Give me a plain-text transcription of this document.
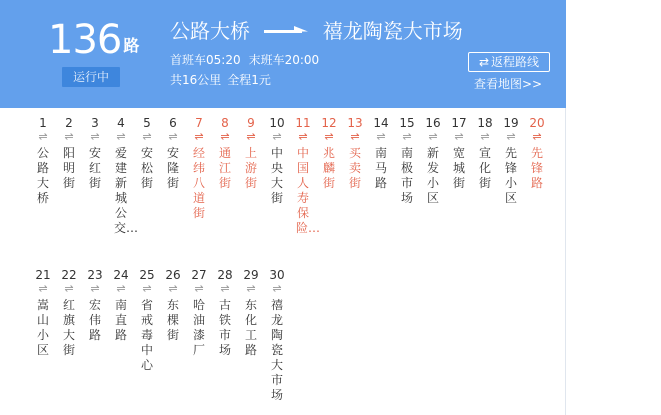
136 路
运行中
公路大桥	禧龙陶瓷大市场
首班车05:20 末班车20:00
共16公里 全程1元
⇄ 返程路线
查看地图>>
1
⇌
公路大桥
2
⇌
阳明街
3
⇌
安红街
4
⇌
爱建新城公交…
5
⇌
安松街
6
⇌
安隆街
7
⇌
经纬八道街
8
⇌
通江街
9
⇌
上游街
10
⇌
中央大街
11
⇌
中国人寿保险…
12
⇌
兆麟街
13
⇌
买卖街
14
⇌
南马路
15
⇌
南极市场
16
⇌
新发小区
17
⇌
宽城街
18
⇌
宣化街
19
⇌
先锋小区
20
⇌
先锋路
21
⇌
嵩山小区
22
⇌
红旗大街
23
⇌
宏伟路
24
⇌
南直路
25
⇌
省戒毒中心
26
⇌
东棵街
27
⇌
哈油漆厂
28
⇌
古铁市场
29
⇌
东化工路
30
⇌
禧龙陶瓷大市场
